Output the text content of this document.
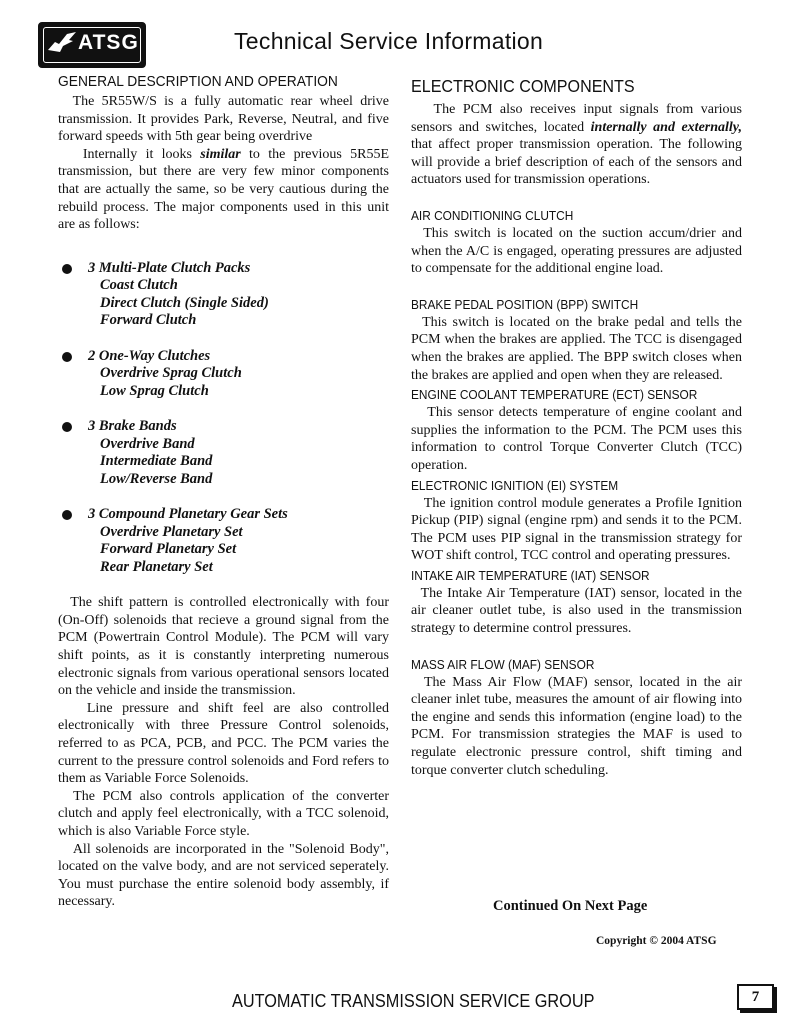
ATSG	Technical Service Information
GENERAL DESCRIPTION AND OPERATION

The 5R55W/S is a fully automatic rear wheel drive transmission. It provides Park, Reverse, Neutral, and five forward speeds with 5th gear being overdrive

Internally it looks similar to the previous 5R55E transmission, but there are very few minor components that are actually the same, so be very cautious during the rebuild process. The major components used in this unit are as follows:

3 Multi-Plate Clutch Packs
Coast Clutch
Direct Clutch (Single Sided)
Forward Clutch
2 One-Way Clutches
Overdrive Sprag Clutch
Low Sprag Clutch
3 Brake Bands
Overdrive Band
Intermediate Band
Low/Reverse Band
3 Compound Planetary Gear Sets
Overdrive Planetary Set
Forward Planetary Set
Rear Planetary Set

The shift pattern is controlled electronically with four (On-Off) solenoids that recieve a ground signal from the PCM (Powertrain Control Module). The PCM will vary shift points, as it is constantly interpreting numerous electronic signals from various operational sensors located on the vehicle and inside the transmission.

Line pressure and shift feel are also controlled electronically with three Pressure Control solenoids, referred to as PCA, PCB, and PCC. The PCM varies the current to the pressure control solenoids and Ford refers to them as Variable Force Solenoids.

The PCM also controls application of the converter clutch and apply feel electronically, with a TCC solenoid, which is also Variable Force style.

All solenoids are incorporated in the "Solenoid Body", located on the valve body, and are not serviced seperately. You must purchase the entire solenoid body assembly, if necessary.

ELECTRONIC COMPONENTS

The PCM also receives input signals from various sensors and switches, located internally and externally, that affect proper transmission operation. The following will provide a brief description of each of the sensors and actuators used for transmission operations.

AIR CONDITIONING CLUTCH

This switch is located on the suction accum/drier and when the A/C is engaged, operating pressures are adjusted to compensate for the additional engine load.

BRAKE PEDAL POSITION (BPP) SWITCH

This switch is located on the brake pedal and tells the PCM when the brakes are applied. The TCC is disengaged when the brakes are applied. The BPP switch closes when the brakes are applied and open when they are released.

ENGINE COOLANT TEMPERATURE (ECT) SENSOR

This sensor detects temperature of engine coolant and supplies the information to the PCM. The PCM uses this information to control Torque Converter Clutch (TCC) operation.

ELECTRONIC IGNITION (EI) SYSTEM

The ignition control module generates a Profile Ignition Pickup (PIP) signal (engine rpm) and sends it to the PCM. The PCM uses PIP signal in the transmission strategy for WOT shift control, TCC control and operating pressures.

INTAKE AIR TEMPERATURE (IAT) SENSOR

The Intake Air Temperature (IAT) sensor, located in the air cleaner outlet tube, is also used in the transmission strategy to determine control pressures.

MASS AIR FLOW (MAF) SENSOR

The Mass Air Flow (MAF) sensor, located in the air cleaner inlet tube, measures the amount of air flowing into the engine and sends this information (engine load) to the PCM. For transmission strategies the MAF is used to regulate electronic pressure control, shift timing and torque converter clutch scheduling.

Continued On Next Page
Copyright © 2004 ATSG
AUTOMATIC TRANSMISSION SERVICE GROUP	7
